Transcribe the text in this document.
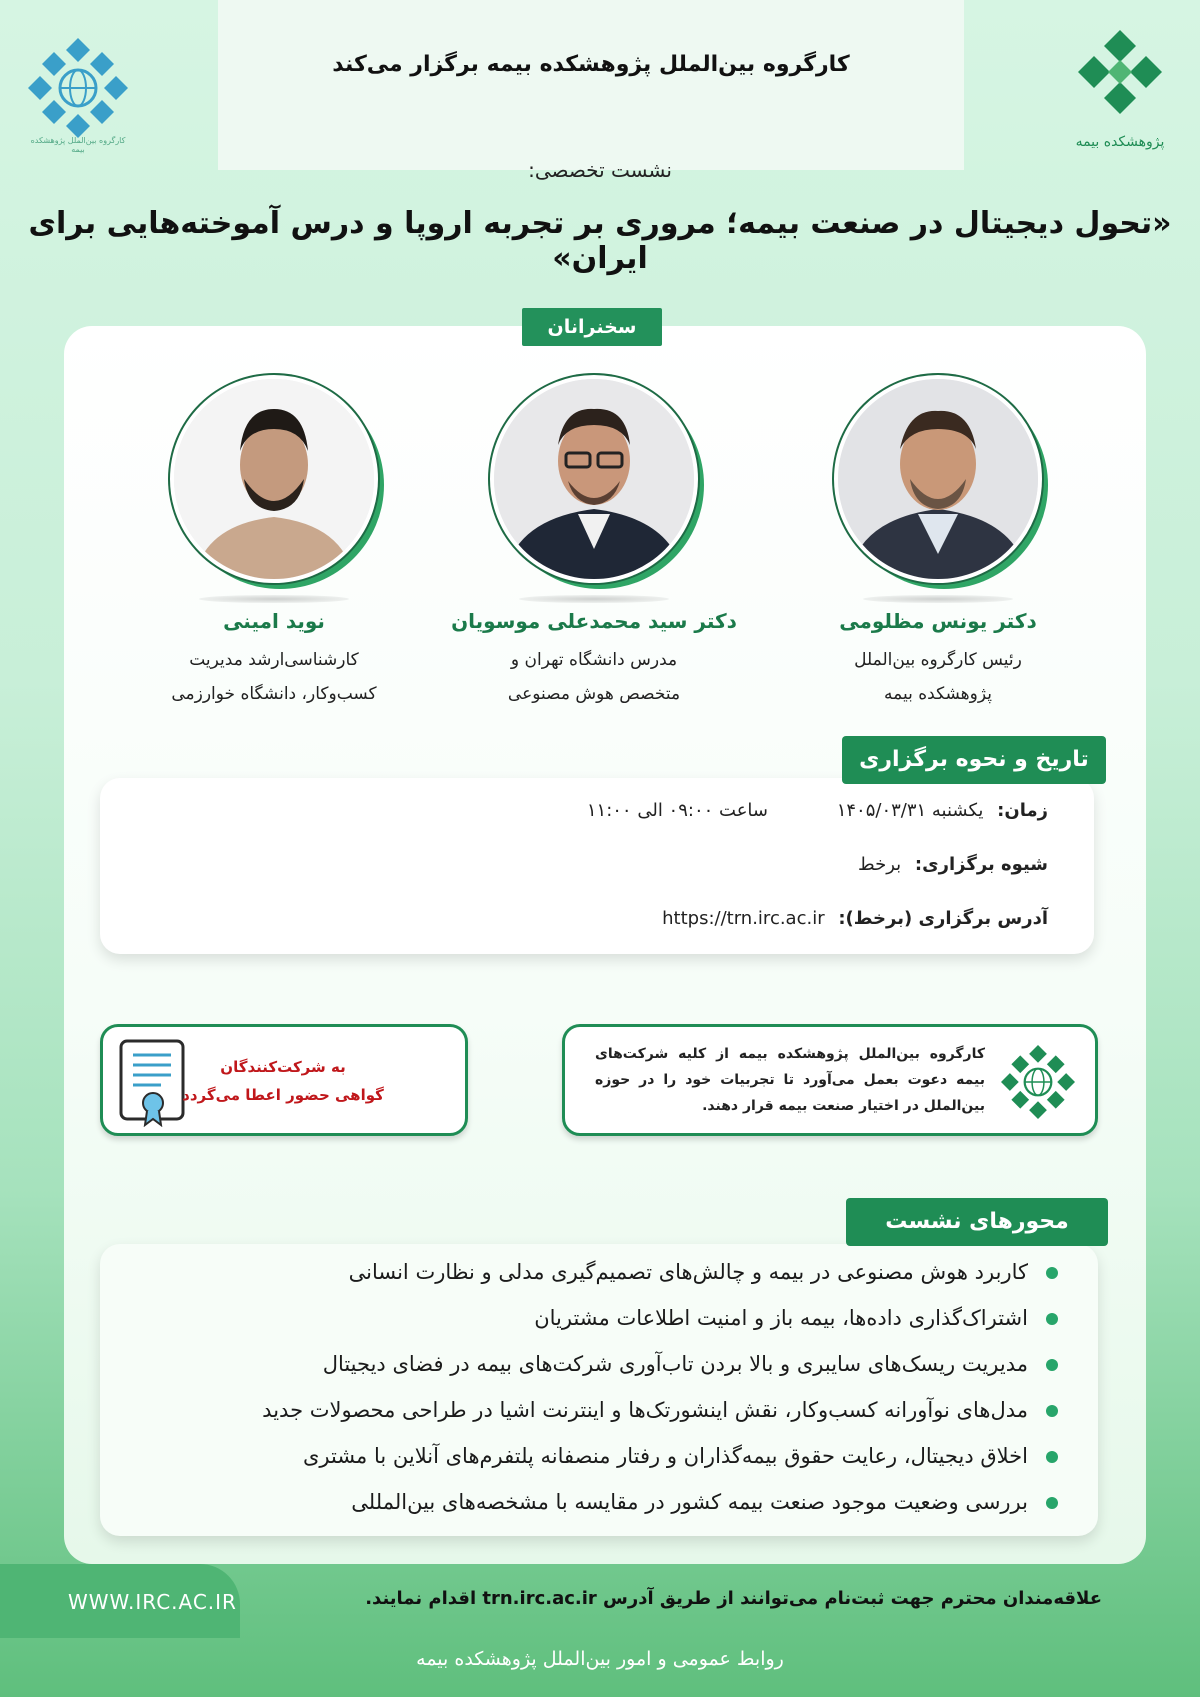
کارگروه بین‌الملل پژوهشکده بیمه برگزار می‌کند
کارگروه بین‌الملل پژوهشکده بیمه	پژوهشکده بیمه
نشست تخصصی:
«تحول دیجیتال در صنعت بیمه؛ مروری بر تجربه اروپا و درس آموخته‌هایی برای ایران»
سخنرانان
دکتر یونس مظلومی
رئیس کارگروه بین‌الملل
پژوهشکده بیمه
دکتر سید محمدعلی موسویان
مدرس دانشگاه تهران و
متخصص هوش مصنوعی
نوید امینی
کارشناسی‌ارشد مدیریت
کسب‌وکار، دانشگاه خوارزمی
زمان: یکشنبه ۱۴۰۵/۰۳/۳۱
ساعت ۰۹:۰۰ الی ۱۱:۰۰
شیوه برگزاری: برخط
آدرس برگزاری (برخط): https://trn.irc.ac.ir
تاریخ و نحوه برگزاری
کارگروه بین‌الملل پژوهشکده بیمه از کلیه شرکت‌های بیمه دعوت بعمل می‌آورد تا تجربیات خود را در حوزه بین‌الملل در اختیار صنعت بیمه قرار دهند.
به شرکت‌کنندگان
گواهی حضور اعطا می‌گردد
کاربرد هوش مصنوعی در بیمه و چالش‌های تصمیم‌گیری مدلی و نظارت انسانی
اشتراک‌گذاری داده‌ها، بیمه باز و امنیت اطلاعات مشتریان
مدیریت ریسک‌های سایبری و بالا بردن تاب‌آوری شرکت‌های بیمه در فضای دیجیتال
مدل‌های نوآورانه کسب‌وکار، نقش اینشورتک‌ها و اینترنت اشیا در طراحی محصولات جدید
اخلاق دیجیتال، رعایت حقوق بیمه‌گذاران و رفتار منصفانه پلتفرم‌های آنلاین با مشتری
بررسی وضعیت موجود صنعت بیمه کشور در مقایسه با مشخصه‌های بین‌المللی
محورهای نشست
WWW.IRC.AC.IR	علاقه‌مندان محترم جهت ثبت‌نام می‌توانند از طریق آدرس trn.irc.ac.ir اقدام نمایند.
روابط عمومی و امور بین‌الملل پژوهشکده بیمه
